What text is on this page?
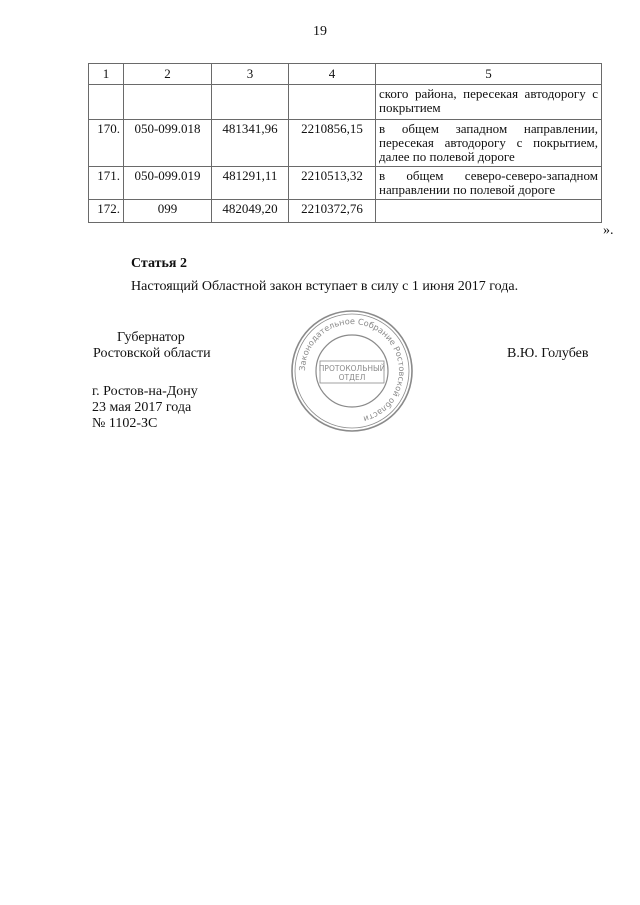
19
1	2	3	4	5
				ского района, пересекая автодорогу с покрытием
170.	050-099.018	481341,96	2210856,15	в общем западном направлении, пересекая автодорогу с покрытием, далее по полевой дороге
171.	050-099.019	481291,11	2210513,32	в общем северо-северо-западном направлении по полевой дороге
172.	099	482049,20	2210372,76	
».
Статья 2
Настоящий Областной закон вступает в силу с 1 июня 2017 года.
Губернатор
Ростовской области	В.Ю. Голубев
г. Ростов-на-Дону
23 мая 2017 года
№ 1102-ЗС
Законодательное Собрание Ростовской области
ПРОТОКОЛЬНЫЙ
ОТДЕЛ
